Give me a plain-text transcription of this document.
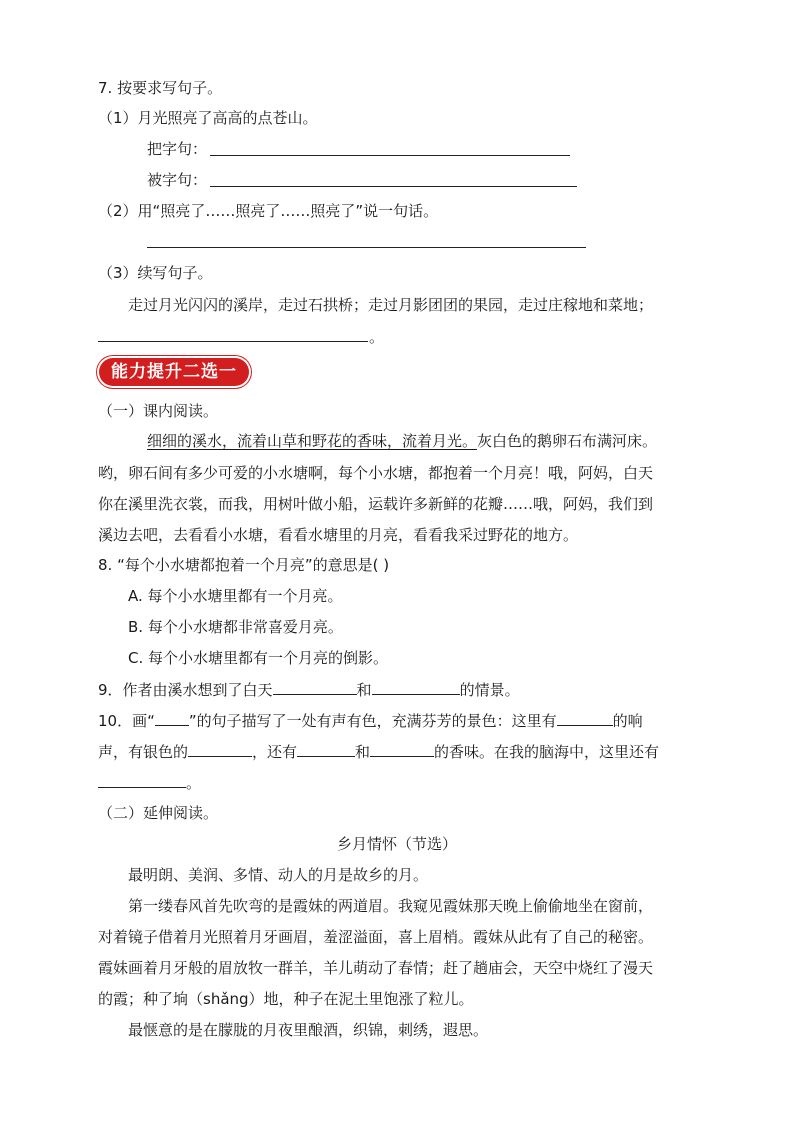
7. 按要求写句子。
（1）月光照亮了高高的点苍山。
把字句：
被字句：
（2）用“照亮了……照亮了……照亮了”说一句话。
（3）续写句子。
走过月光闪闪的溪岸，走过石拱桥；走过月影团团的果园，走过庄稼地和菜地；
。
能力提升二选一
（一）课内阅读。
细细的溪水，流着山草和野花的香味，流着月光。灰白色的鹅卵石布满河床。
哟，卵石间有多少可爱的小水塘啊，每个小水塘，都抱着一个月亮！哦，阿妈，白天
你在溪里洗衣裳，而我，用树叶做小船，运载许多新鲜的花瓣……哦，阿妈，我们到
溪边去吧，去看看小水塘，看看水塘里的月亮，看看我采过野花的地方。
8. “每个小水塘都抱着一个月亮”的意思是( )
A. 每个小水塘里都有一个月亮。
B. 每个小水塘都非常喜爱月亮。
C. 每个小水塘里都有一个月亮的倒影。
9．作者由溪水想到了白天	和	的情景。
10．画“ ”的句子描写了一处有声有色，充满芬芳的景色：这里有	的响
声，有银色的	，还有	和	的香味。在我的脑海中，这里还有
。
（二）延伸阅读。
乡月情怀（节选）
最明朗、美润、多情、动人的月是故乡的月。
第一缕春风首先吹弯的是霞妹的两道眉。我窥见霞妹那天晚上偷偷地坐在窗前，
对着镜子借着月光照着月牙画眉，羞涩溢面，喜上眉梢。霞妹从此有了自己的秘密。
霞妹画着月牙般的眉放牧一群羊，羊儿萌动了春情；赶了趟庙会，天空中烧红了漫天
的霞；种了垧（shǎng）地，种子在泥土里饱涨了粒儿。
最惬意的是在朦胧的月夜里酿酒，织锦，刺绣，遐思。
